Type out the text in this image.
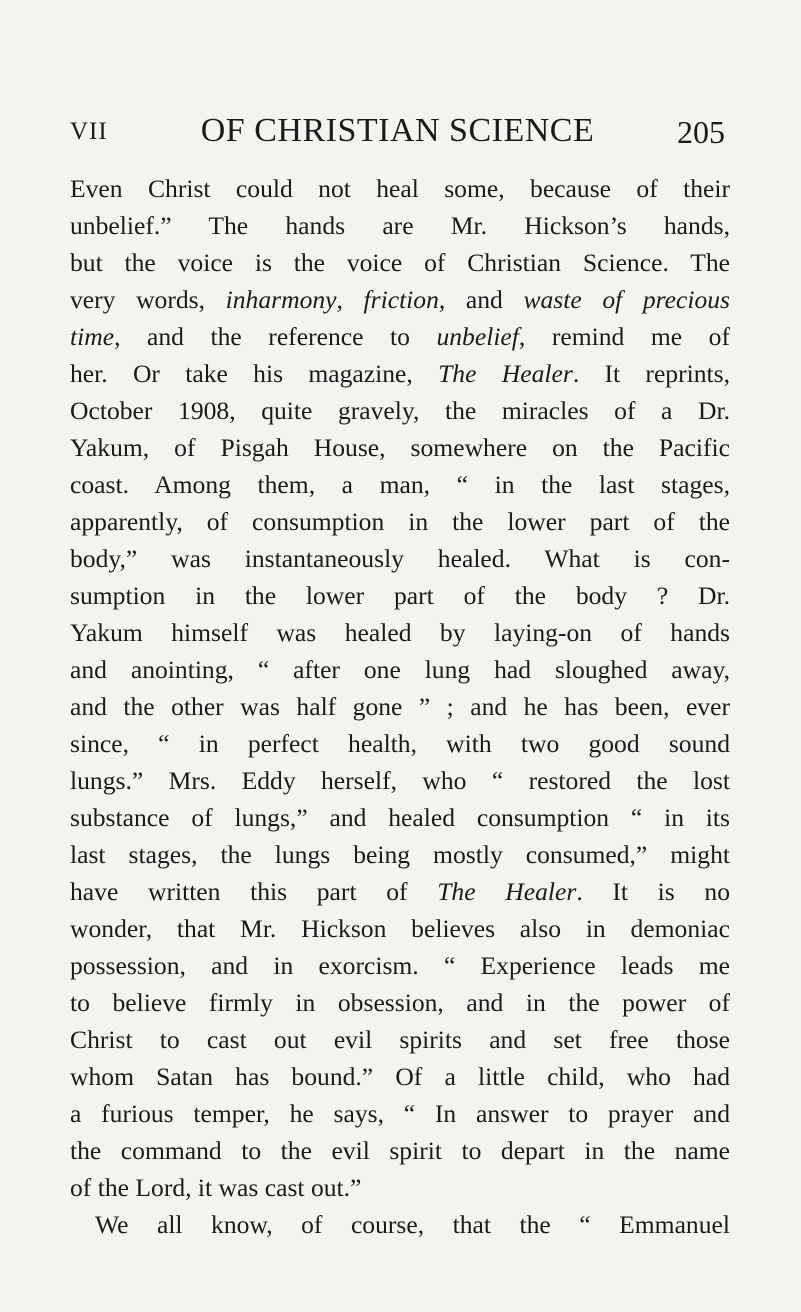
VII	OF CHRISTIAN SCIENCE	205
Even Christ could not heal some, because of their
unbelief.” The hands are Mr. Hickson’s hands,
but the voice is the voice of Christian Science. The
very words, inharmony, friction, and waste of precious
time, and the reference to unbelief, remind me of
her. Or take his magazine, The Healer. It reprints,
October 1908, quite gravely, the miracles of a Dr.
Yakum, of Pisgah House, somewhere on the Pacific
coast. Among them, a man, “ in the last stages,
apparently, of consumption in the lower part of the
body,” was instantaneously healed. What is con-
sumption in the lower part of the body ? Dr.
Yakum himself was healed by laying-on of hands
and anointing, “ after one lung had sloughed away,
and the other was half gone ” ; and he has been, ever
since, “ in perfect health, with two good sound
lungs.” Mrs. Eddy herself, who “ restored the lost
substance of lungs,” and healed consumption “ in its
last stages, the lungs being mostly consumed,” might
have written this part of The Healer. It is no
wonder, that Mr. Hickson believes also in demoniac
possession, and in exorcism. “ Experience leads me
to believe firmly in obsession, and in the power of
Christ to cast out evil spirits and set free those
whom Satan has bound.” Of a little child, who had
a furious temper, he says, “ In answer to prayer and
the command to the evil spirit to depart in the name
of the Lord, it was cast out.”
We all know, of course, that the “ Emmanuel
